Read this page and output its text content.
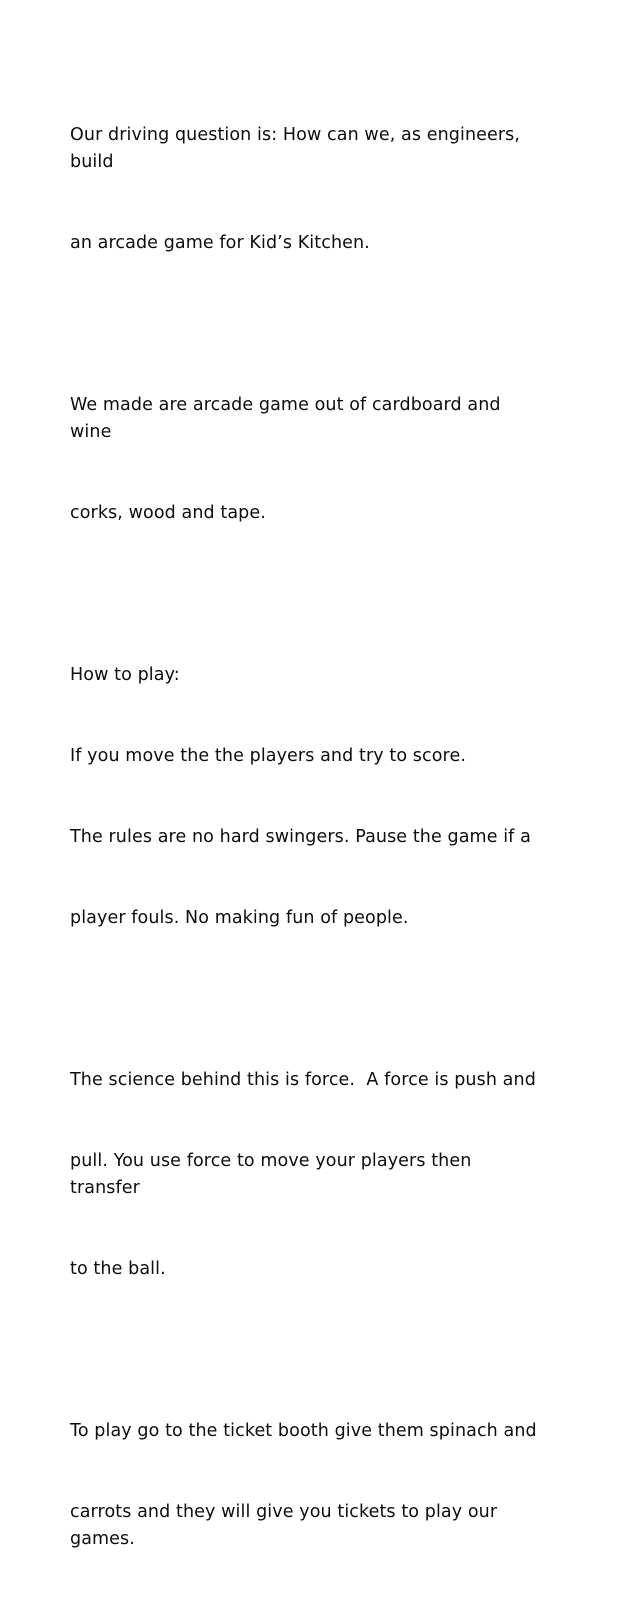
Our driving question is: How can we, as engineers, build

an arcade game for Kid’s Kitchen.

We made are arcade game out of cardboard and wine

corks, wood and tape.

How to play:

If you move the the players and try to score.

The rules are no hard swingers. Pause the game if a

player fouls. No making fun of people.

The science behind this is force.  A force is push and

pull. You use force to move your players then transfer

to the ball.

To play go to the ticket booth give them spinach and

carrots and they will give you tickets to play our games.
